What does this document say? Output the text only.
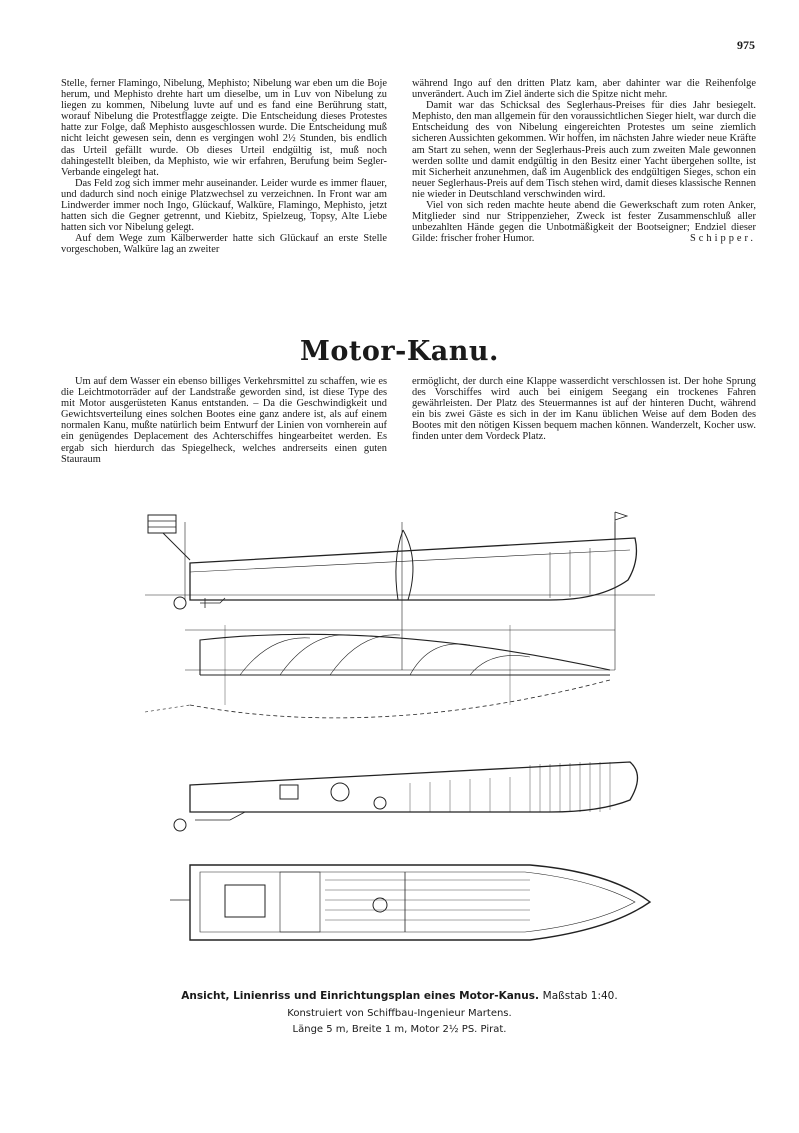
975

Stelle, ferner Flamingo, Nibelung, Mephisto; Nibelung war eben um die Boje herum, und Mephisto drehte hart um dieselbe, um in Luv von Nibelung zu liegen zu kommen, Nibelung luvte auf und es fand eine Berührung statt, worauf Nibelung die Protestflagge zeigte. Die Entscheidung dieses Protestes hatte zur Folge, daß Mephisto ausgeschlossen wurde. Die Entscheidung muß nicht leicht gewesen sein, denn es vergingen wohl 2½ Stunden, bis endlich das Urteil gefällt wurde. Ob dieses Urteil endgültig ist, muß noch dahingestellt bleiben, da Mephisto, wie wir erfahren, Berufung beim Segler-Verbande eingelegt hat.

Das Feld zog sich immer mehr auseinander. Leider wurde es immer flauer, und dadurch sind noch einige Platzwechsel zu verzeichnen. In Front war am Lindwerder immer noch Ingo, Glückauf, Walküre, Flamingo, Mephisto, jetzt hatten sich die Gegner getrennt, und Kiebitz, Spielzeug, Topsy, Alte Liebe hatten sich vor Nibelung gelegt.

Auf dem Wege zum Kälberwerder hatte sich Glückauf an erste Stelle vorgeschoben, Walküre lag an zweiter

während Ingo auf den dritten Platz kam, aber dahinter war die Reihenfolge unverändert. Auch im Ziel änderte sich die Spitze nicht mehr.

Damit war das Schicksal des Seglerhaus-Preises für dies Jahr besiegelt. Mephisto, den man allgemein für den voraussichtlichen Sieger hielt, war durch die Entscheidung des von Nibelung eingereichten Protestes um seine ziemlich sicheren Aussichten gekommen. Wir hoffen, im nächsten Jahre wieder neue Kräfte am Start zu sehen, wenn der Seglerhaus-Preis auch zum zweiten Male gewonnen werden sollte und damit endgültig in den Besitz einer Yacht übergehen sollte, ist mit Sicherheit anzunehmen, daß im Augenblick des endgültigen Sieges, schon ein neuer Seglerhaus-Preis auf dem Tisch stehen wird, damit dieses klassische Rennen nie wieder in Deutschland verschwinden wird.

Viel von sich reden machte heute abend die Gewerkschaft zum roten Anker, Mitglieder sind nur Strippenzieher, Zweck ist fester Zusammenschluß aller unbezahlten Hände gegen die Unbotmäßigkeit der Bootseigner; Endziel dieser Gilde: frischer froher Humor.	Schipper.

Motor-Kanu.

Um auf dem Wasser ein ebenso billiges Verkehrsmittel zu schaffen, wie es die Leichtmotorräder auf der Landstraße geworden sind, ist diese Type des mit Motor ausgerüsteten Kanus entstanden. – Da die Geschwindigkeit und Gewichtsverteilung eines solchen Bootes eine ganz andere ist, als auf einem normalen Kanu, mußte natürlich beim Entwurf der Linien von vornherein auf ein genügendes Deplacement des Achterschiffes hingearbeitet werden. Es ergab sich hierdurch das Spiegelheck, welches andrerseits einen guten Stauraum

ermöglicht, der durch eine Klappe wasserdicht verschlossen ist. Der hohe Sprung des Vorschiffes wird auch bei einigem Seegang ein trockenes Fahren gewährleisten. Der Platz des Steuermannes ist auf der hinteren Ducht, während ein bis zwei Gäste es sich in der im Kanu üblichen Weise auf dem Boden des Bootes mit den nötigen Kissen bequem machen können. Wanderzelt, Kocher usw. finden unter dem Vordeck Platz.

Ansicht, Linienriss und Einrichtungsplan eines Motor-Kanus. Maßstab 1:40.
Konstruiert von Schiffbau-Ingenieur Martens.
Länge 5 m, Breite 1 m, Motor 2½ PS. Pirat.
